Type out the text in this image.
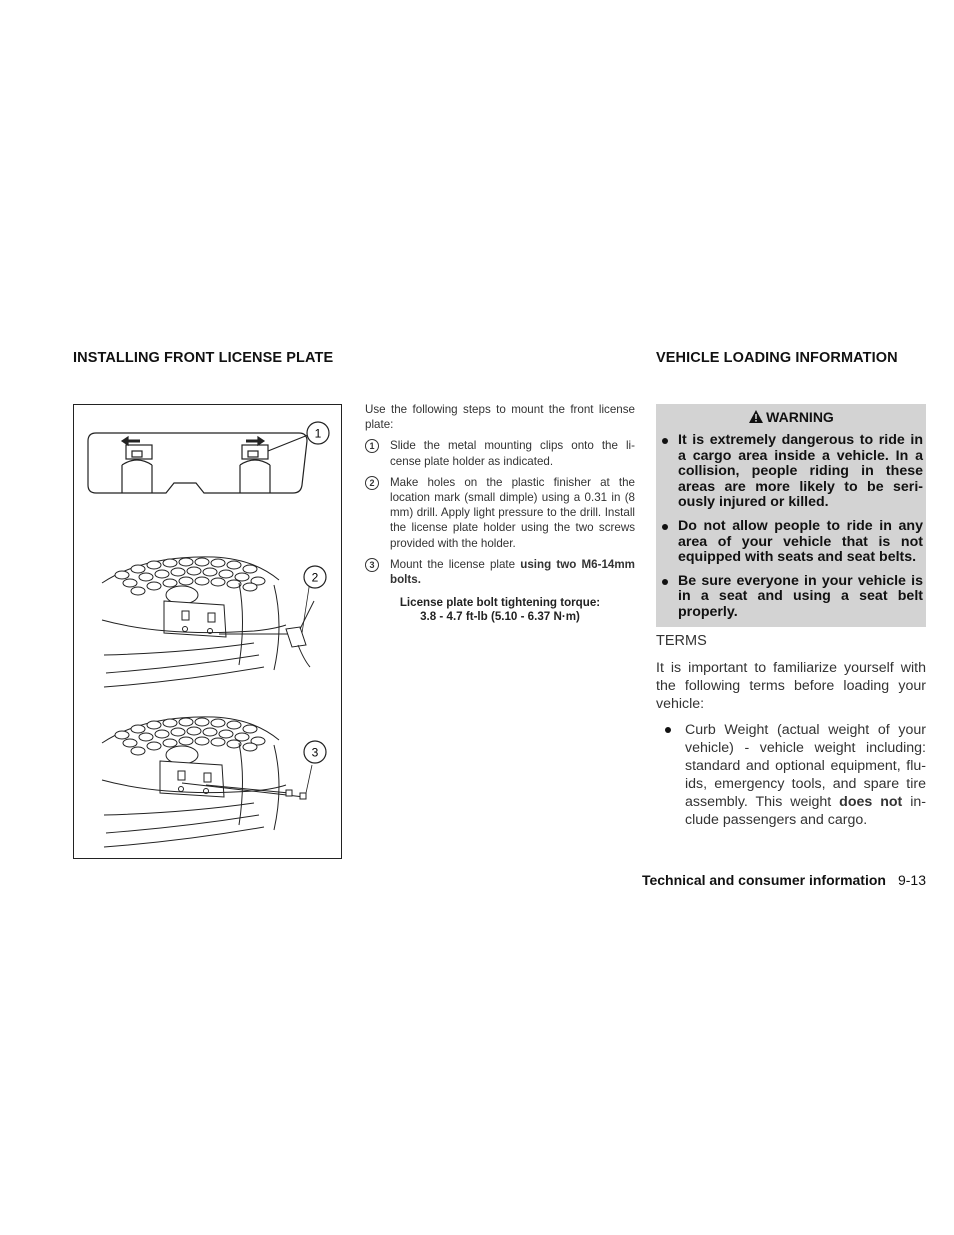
INSTALLING FRONT LICENSE PLATE	VEHICLE LOADING INFORMATION
1
2
3

Use the following steps to mount the front license plate:

1	Slide the metal mounting clips onto the li- cense plate holder as indicated.
2	Make holes on the plastic finisher at the location mark (small dimple) using a 0.31 in (8 mm) drill. Apply light pressure to the drill. Install the license plate holder using the two screws provided with the holder.
3	Mount the license plate using two M6-14mm bolts.
License plate bolt tightening torque:
3.8 - 4.7 ft-lb (5.10 - 6.37 N·m)
WARNING
It is extremely dangerous to ride in a cargo area inside a vehicle. In a collision, people riding in these areas are more likely to be seri- ously injured or killed.
Do not allow people to ride in any area of your vehicle that is not equipped with seats and seat belts.
Be sure everyone in your vehicle is in a seat and using a seat belt properly.
TERMS

It is important to familiarize yourself with the following terms before loading your vehicle:

Curb Weight (actual weight of your vehicle) - vehicle weight including: standard and optional equipment, flu- ids, emergency tools, and spare tire assembly. This weight does not in- clude passengers and cargo.
Technical and consumer information 9-13
